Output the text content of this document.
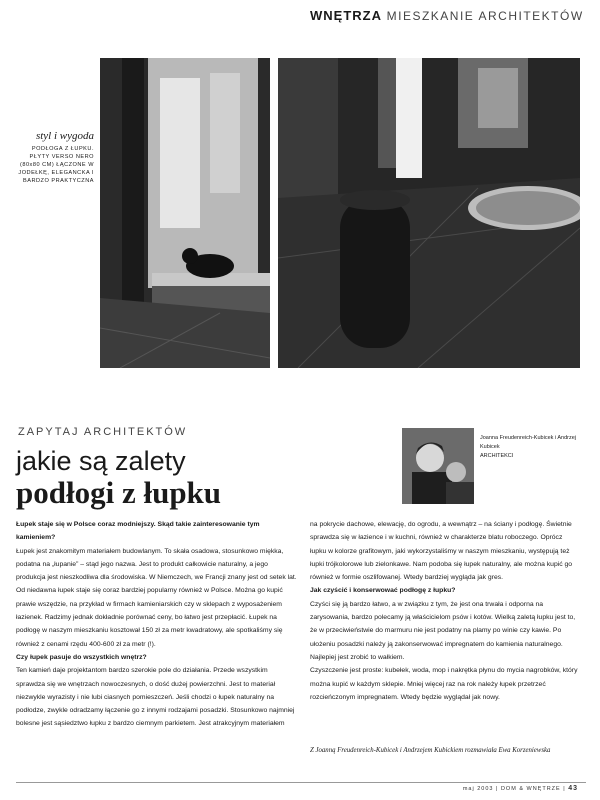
WNĘTRZA MIESZKANIE ARCHITEKTÓW
styl i wygoda
PODŁOGA Z ŁUPKU. PŁYTY VERSO NERO (80x80 CM) ŁĄCZONE W JODEŁKĘ, ELEGANCKA I BARDZO PRAKTYCZNA
ZAPYTAJ ARCHITEKTÓW
jakie są zalety
podłogi z łupku
Joanna Freudenreich-Kubicek i Andrzej Kubicek
ARCHITEKCI
Łupek staje się w Polsce coraz modniejszy. Skąd takie zainteresowanie tym kamieniem?
Łupek jest znakomitym materiałem budowlanym. To skała osadowa, stosunkowo miękka, podatna na „łupanie” – stąd jego nazwa. Jest to produkt całkowicie naturalny, a jego produkcja jest nieszkodliwa dla środowiska. W Niemczech, we Francji znany jest od setek lat. Od niedawna łupek staje się coraz bardziej popularny również w Polsce. Można go kupić prawie wszędzie, na przykład w firmach kamieniarskich czy w sklepach z wyposażeniem łazienek. Radzimy jednak dokładnie porównać ceny, bo łatwo jest przepłacić. Łupek na podłogę w naszym mieszkaniu kosztował 150 zł za metr kwadratowy, ale spotkaliśmy się również z cenami rzędu 400-600 zł za metr (!).
Czy łupek pasuje do wszystkich wnętrz?
Ten kamień daje projektantom bardzo szerokie pole do działania. Przede wszystkim sprawdza się we wnętrzach nowoczesnych, o dość dużej powierzchni. Jest to materiał niezwykle wyrazisty i nie lubi ciasnych pomieszczeń. Jeśli chodzi o łupek naturalny na podłodze, zwykle odradzamy łączenie go z innymi rodzajami posadzki. Stosunkowo najmniej bolesne jest sąsiedztwo łupku z bardzo ciemnym parkietem. Jest atrakcyjnym materiałem
na pokrycie dachowe, elewację, do ogrodu, a wewnątrz – na ściany i podłogę. Świetnie sprawdza się w łazience i w kuchni, również w charakterze blatu roboczego. Oprócz łupku w kolorze grafitowym, jaki wykorzystaliśmy w naszym mieszkaniu, występują też łupki trójkolorowe lub zielonkawe. Nam podoba się łupek naturalny, ale można kupić go również w formie oszlifowanej. Wtedy bardziej wygląda jak gres.
Jak czyścić i konserwować podłogę z łupku?
Czyści się ją bardzo łatwo, a w związku z tym, że jest ona trwała i odporna na zarysowania, bardzo polecamy ją właścicielom psów i kotów. Wielką zaletą łupku jest to, że w przeciwieństwie do marmuru nie jest podatny na plamy po winie czy kawie. Po ułożeniu posadzki należy ją zakonserwować impregnatem do kamienia naturalnego. Najlepiej jest zrobić to wałkiem.
Czyszczenie jest proste: kubełek, woda, mop i nakrętka płynu do mycia nagrobków, który można kupić w każdym sklepie. Mniej więcej raz na rok należy łupek przetrzeć rozcieńczonym impregnatem. Wtedy będzie wyglądał jak nowy.
Z Joanną Freudenreich-Kubicek i Andrzejem Kubickiem rozmawiała Ewa Korzeniewska
maj 2003 | DOM & WNĘTRZE | 43
